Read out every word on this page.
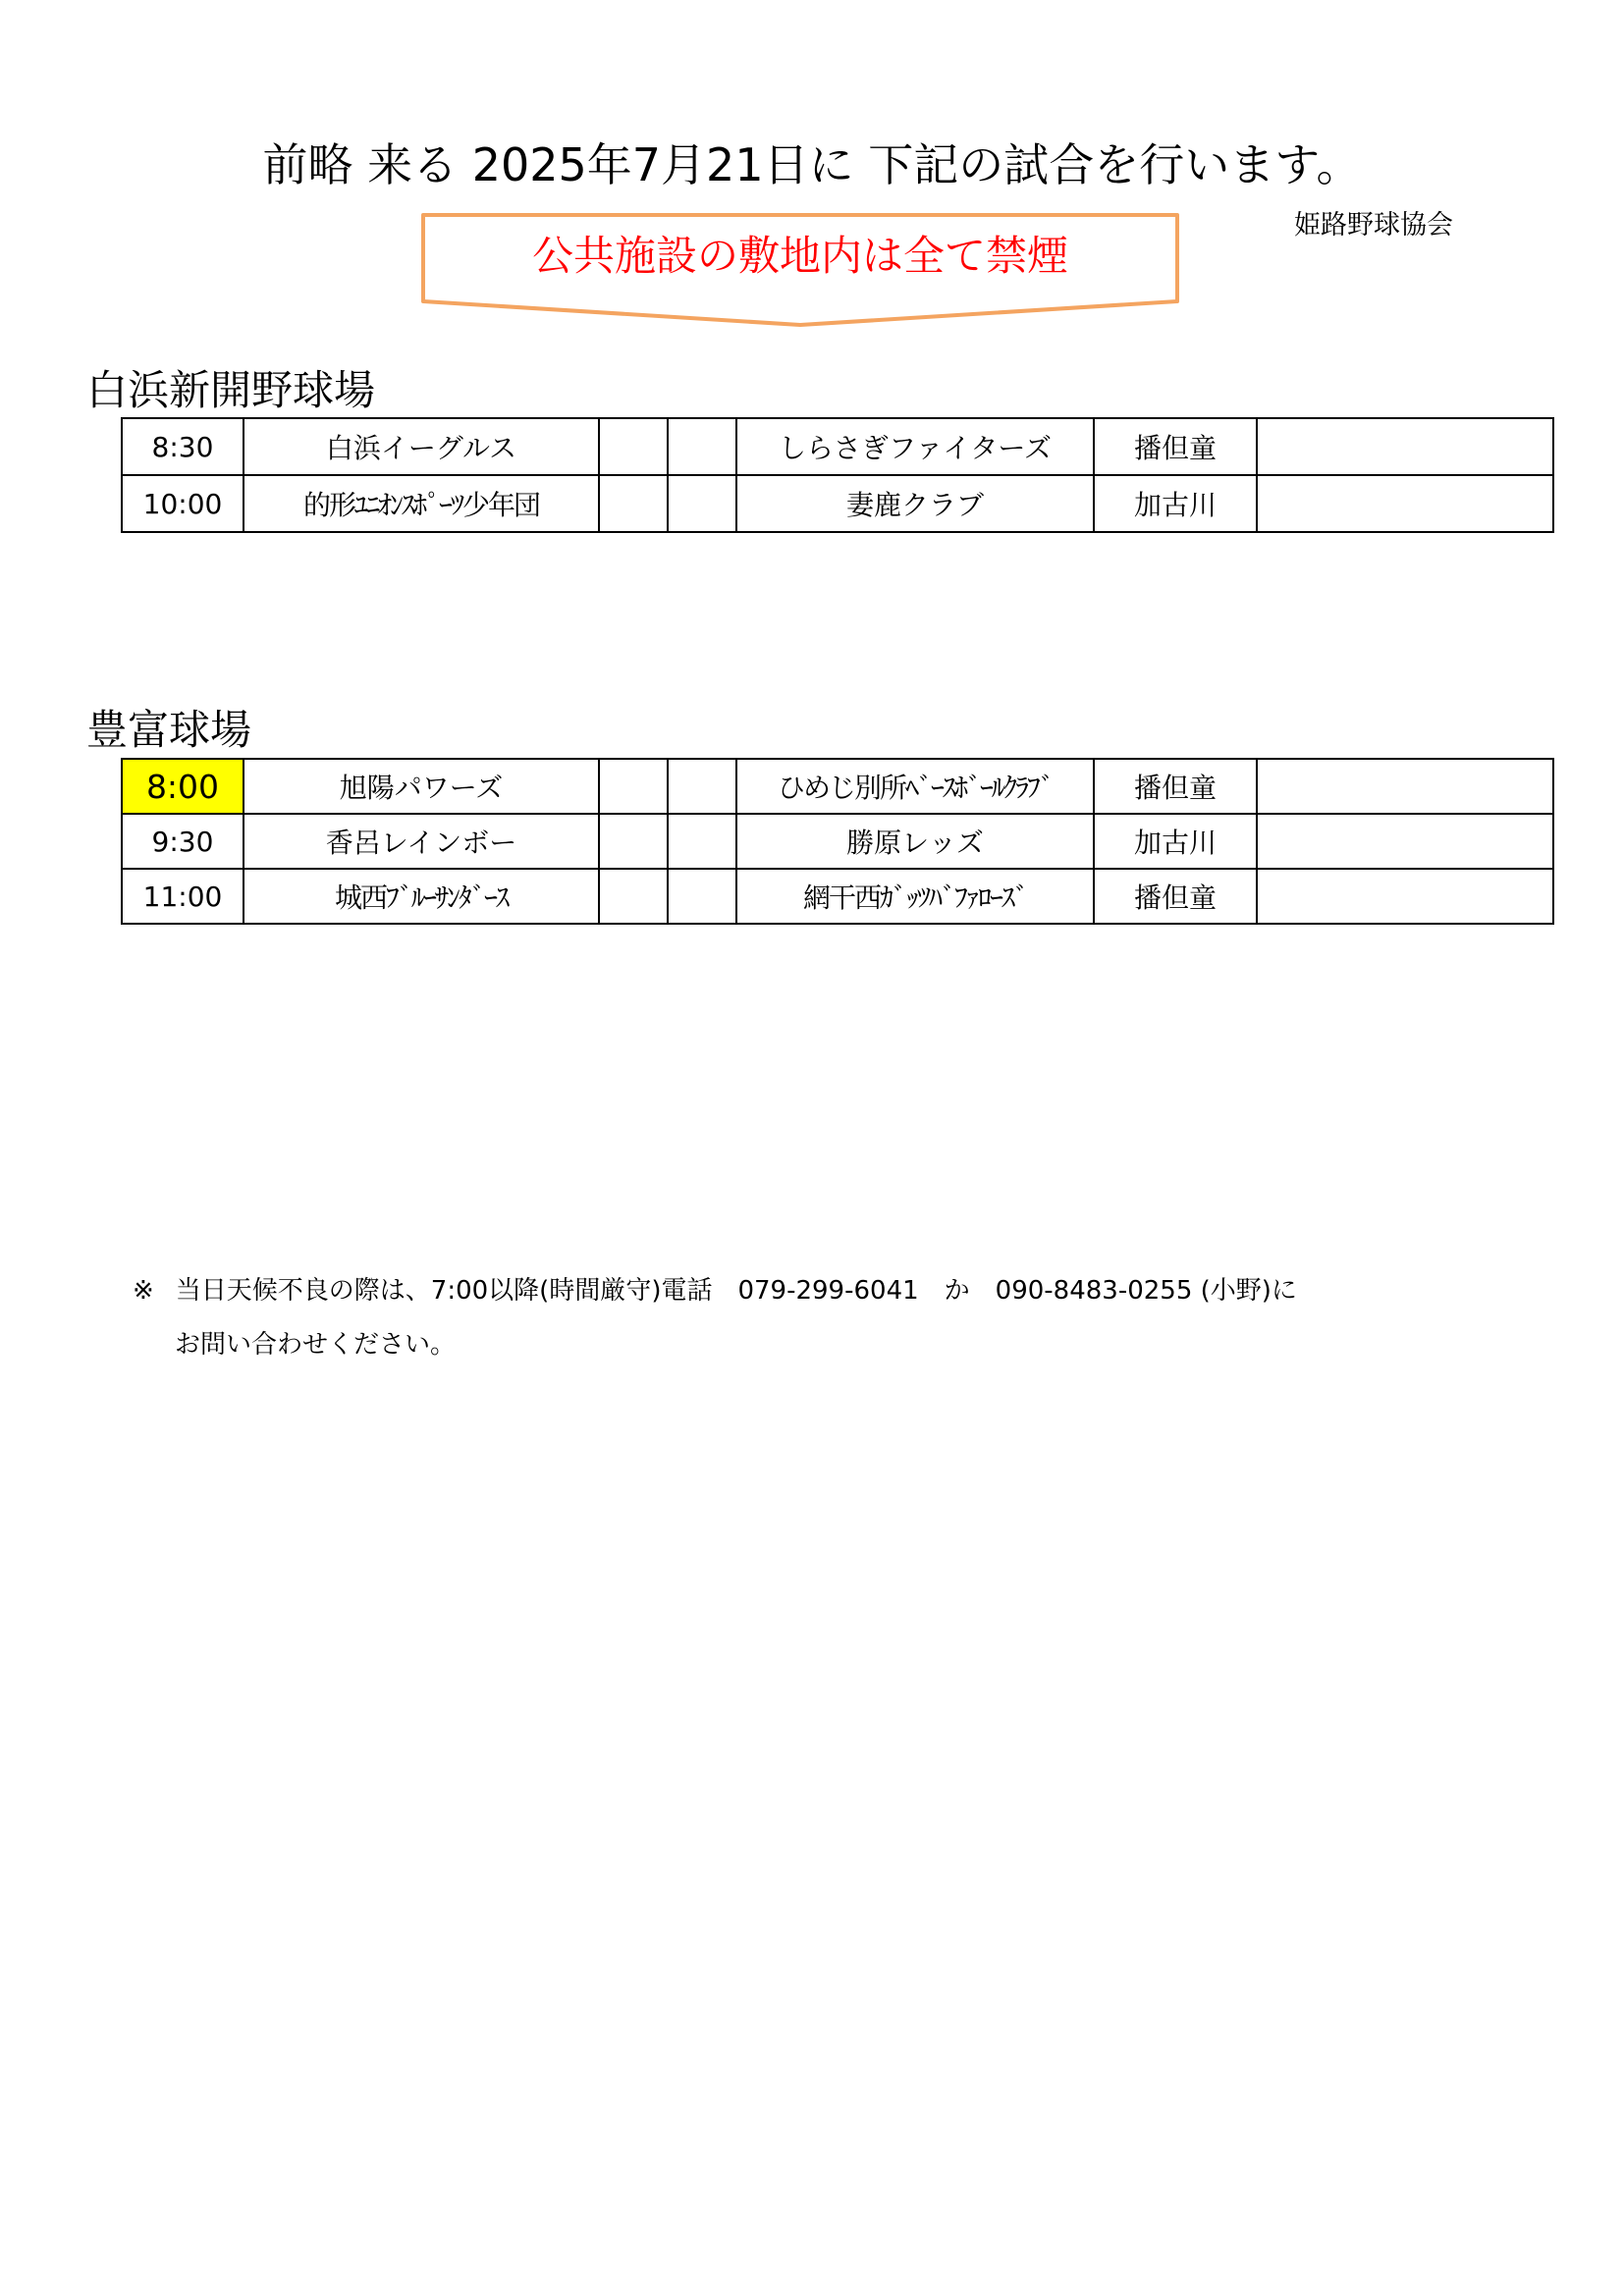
前略 来る 2025年7月21日に 下記の試合を行います。
姫路野球協会
公共施設の敷地内は全て禁煙
白浜新開野球場
8:30	白浜イーグルス			しらさぎファイターズ	播但童	
10:00	的形ﾕﾆｵﾝｽﾎﾟｰﾂ少年団			妻鹿クラブ	加古川	
豊富球場
8:00	旭陽パワーズ			ひめじ別所ﾍﾞｰｽﾎﾞｰﾙｸﾗﾌﾞ	播但童	
9:30	香呂レインボー			勝原レッズ	加古川	
11:00	城西ﾌﾞﾙｰｻﾝﾀﾞｰｽ			網干西ｶﾞｯﾂﾊﾞﾌｧﾛｰｽﾞ	播但童	
※ 当日天候不良の際は、7:00以降(時間厳守)電話　079-299-6041　か　090-8483-0255 (小野)に
お問い合わせください。
